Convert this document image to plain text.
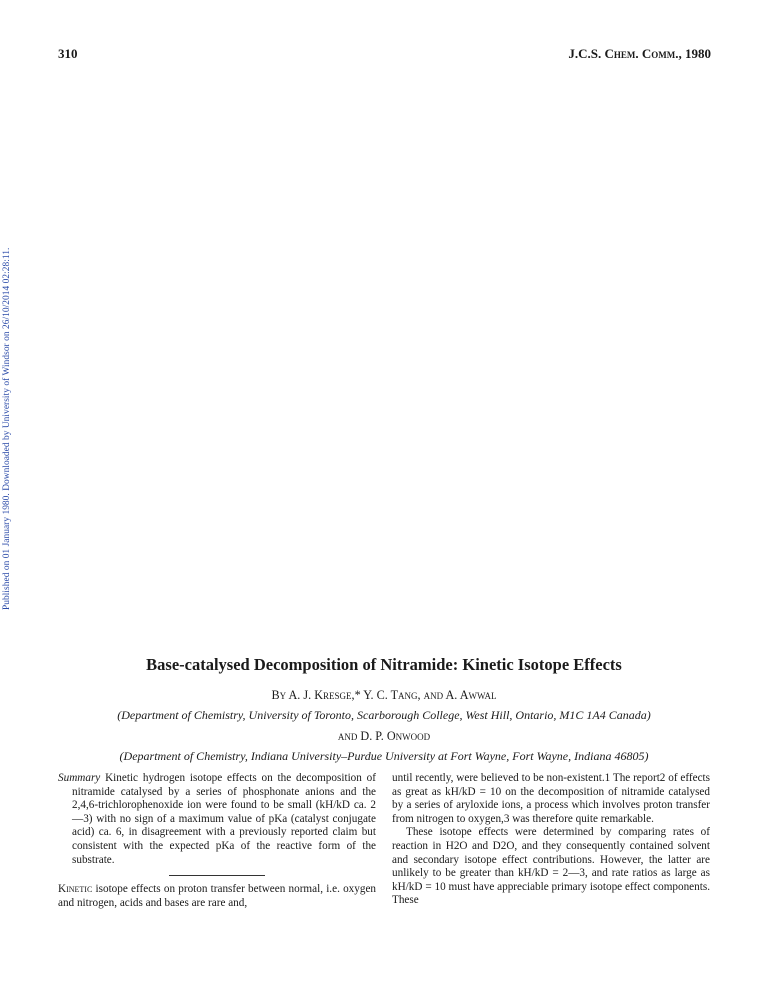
310	J.C.S. Chem. Comm., 1980
Published on 01 January 1980. Downloaded by University of Windsor on 26/10/2014 02:28:11.
Base-catalysed Decomposition of Nitramide: Kinetic Isotope Effects
By A. J. Kresge,* Y. C. Tang, and A. Awwal
(Department of Chemistry, University of Toronto, Scarborough College, West Hill, Ontario, M1C 1A4 Canada)
and D. P. Onwood
(Department of Chemistry, Indiana University–Purdue University at Fort Wayne, Fort Wayne, Indiana 46805)

Summary Kinetic hydrogen isotope effects on the decomposition of nitramide catalysed by a series of phosphonate anions and the 2,4,6-trichlorophenoxide ion were found to be small (kH/kD ca. 2—3) with no sign of a maximum value of pKa (catalyst conjugate acid) ca. 6, in disagreement with a previously reported claim but consistent with the expected pKa of the reactive form of the substrate.

Kinetic isotope effects on proton transfer between normal, i.e. oxygen and nitrogen, acids and bases are rare and,

until recently, were believed to be non-existent.1 The report2 of effects as great as kH/kD = 10 on the decomposition of nitramide catalysed by a series of aryloxide ions, a process which involves proton transfer from nitrogen to oxygen,3 was therefore quite remarkable.

These isotope effects were determined by comparing rates of reaction in H2O and D2O, and they consequently contained solvent and secondary isotope effect contributions. However, the latter are unlikely to be greater than kH/kD = 2—3, and rate ratios as large as kH/kD = 10 must have appreciable primary isotope effect components. These
